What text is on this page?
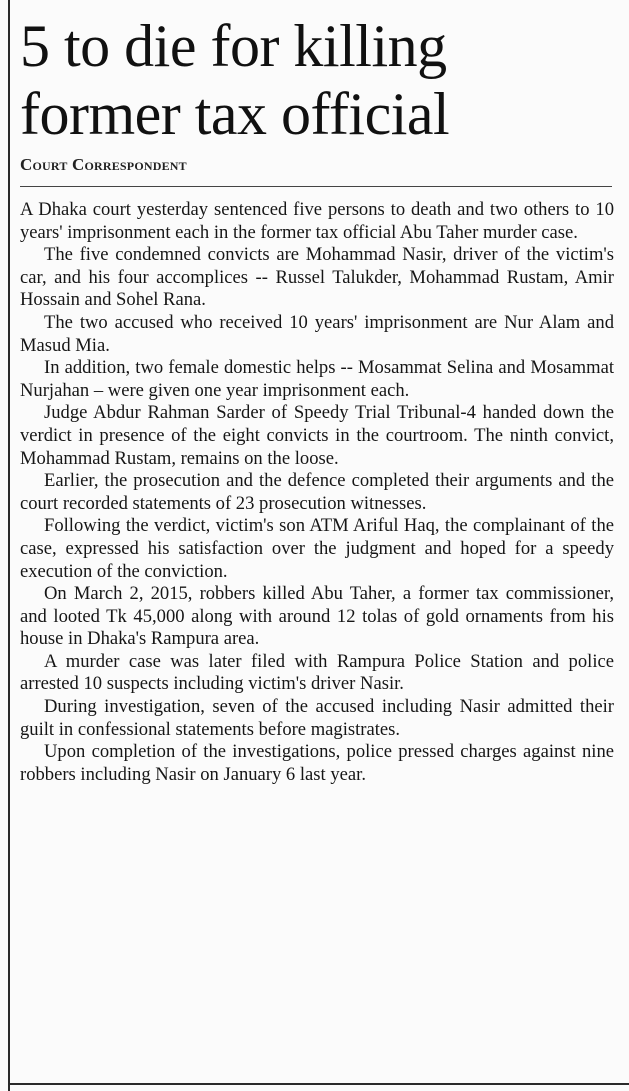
5 to die for killing
former tax official
Court Correspondent

A Dhaka court yesterday sentenced five persons to death and two others to 10 years' imprisonment each in the former tax official Abu Taher murder case.

The five condemned convicts are Mohammad Nasir, driver of the victim's car, and his four accomplices -- Russel Talukder, Mohammad Rustam, Amir Hossain and Sohel Rana.

The two accused who received 10 years' imprisonment are Nur Alam and Masud Mia.

In addition, two female domestic helps -- Mosammat Selina and Mosammat Nurjahan – were given one year imprisonment each.

Judge Abdur Rahman Sarder of Speedy Trial Tribunal-4 handed down the verdict in presence of the eight convicts in the courtroom. The ninth convict, Mohammad Rustam, remains on the loose.

Earlier, the prosecution and the defence completed their arguments and the court recorded statements of 23 prosecution witnesses.

Following the verdict, victim's son ATM Ariful Haq, the complainant of the case, expressed his satisfaction over the judgment and hoped for a speedy execution of the conviction.

On March 2, 2015, robbers killed Abu Taher, a former tax commissioner, and looted Tk 45,000 along with around 12 tolas of gold ornaments from his house in Dhaka's Rampura area.

A murder case was later filed with Rampura Police Station and police arrested 10 suspects including victim's driver Nasir.

During investigation, seven of the accused including Nasir admitted their guilt in confessional statements before magistrates.

Upon completion of the investigations, police pressed charges against nine robbers including Nasir on January 6 last year.
